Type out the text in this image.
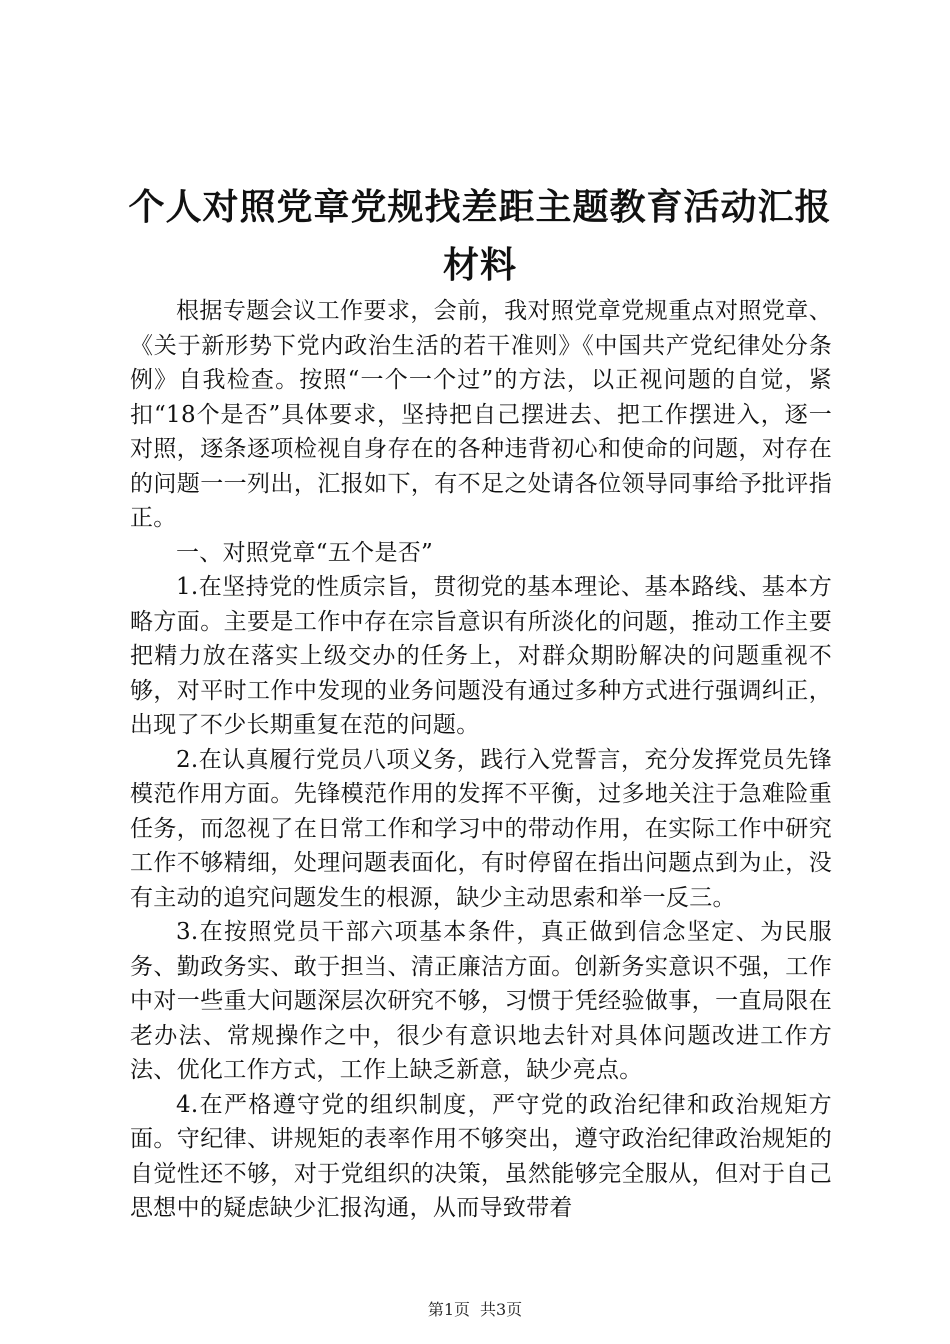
个人对照党章党规找差距主题教育活动汇报材料

根据专题会议工作要求，会前，我对照党章党规重点对照党章、《关于新形势下党内政治生活的若干准则》《中国共产党纪律处分条例》自我检查。按照“一个一个过”的方法，以正视问题的自觉，紧扣“18个是否”具体要求，坚持把自己摆进去、把工作摆进入，逐一对照，逐条逐项检视自身存在的各种违背初心和使命的问题，对存在的问题一一列出，汇报如下，有不足之处请各位领导同事给予批评指正。

一、对照党章“五个是否”

1.在坚持党的性质宗旨，贯彻党的基本理论、基本路线、基本方略方面。主要是工作中存在宗旨意识有所淡化的问题，推动工作主要把精力放在落实上级交办的任务上，对群众期盼解决的问题重视不够，对平时工作中发现的业务问题没有通过多种方式进行强调纠正，出现了不少长期重复在范的问题。

2.在认真履行党员八项义务，践行入党誓言，充分发挥党员先锋模范作用方面。先锋模范作用的发挥不平衡，过多地关注于急难险重任务，而忽视了在日常工作和学习中的带动作用，在实际工作中研究工作不够精细，处理问题表面化，有时停留在指出问题点到为止，没有主动的追究问题发生的根源，缺少主动思索和举一反三。

3.在按照党员干部六项基本条件，真正做到信念坚定、为民服务、勤政务实、敢于担当、清正廉洁方面。创新务实意识不强，工作中对一些重大问题深层次研究不够，习惯于凭经验做事，一直局限在老办法、常规操作之中，很少有意识地去针对具体问题改进工作方法、优化工作方式，工作上缺乏新意，缺少亮点。

4.在严格遵守党的组织制度，严守党的政治纪律和政治规矩方面。守纪律、讲规矩的表率作用不够突出，遵守政治纪律政治规矩的自觉性还不够，对于党组织的决策，虽然能够完全服从，但对于自己思想中的疑虑缺少汇报沟通，从而导致带着

第1页 共3页
